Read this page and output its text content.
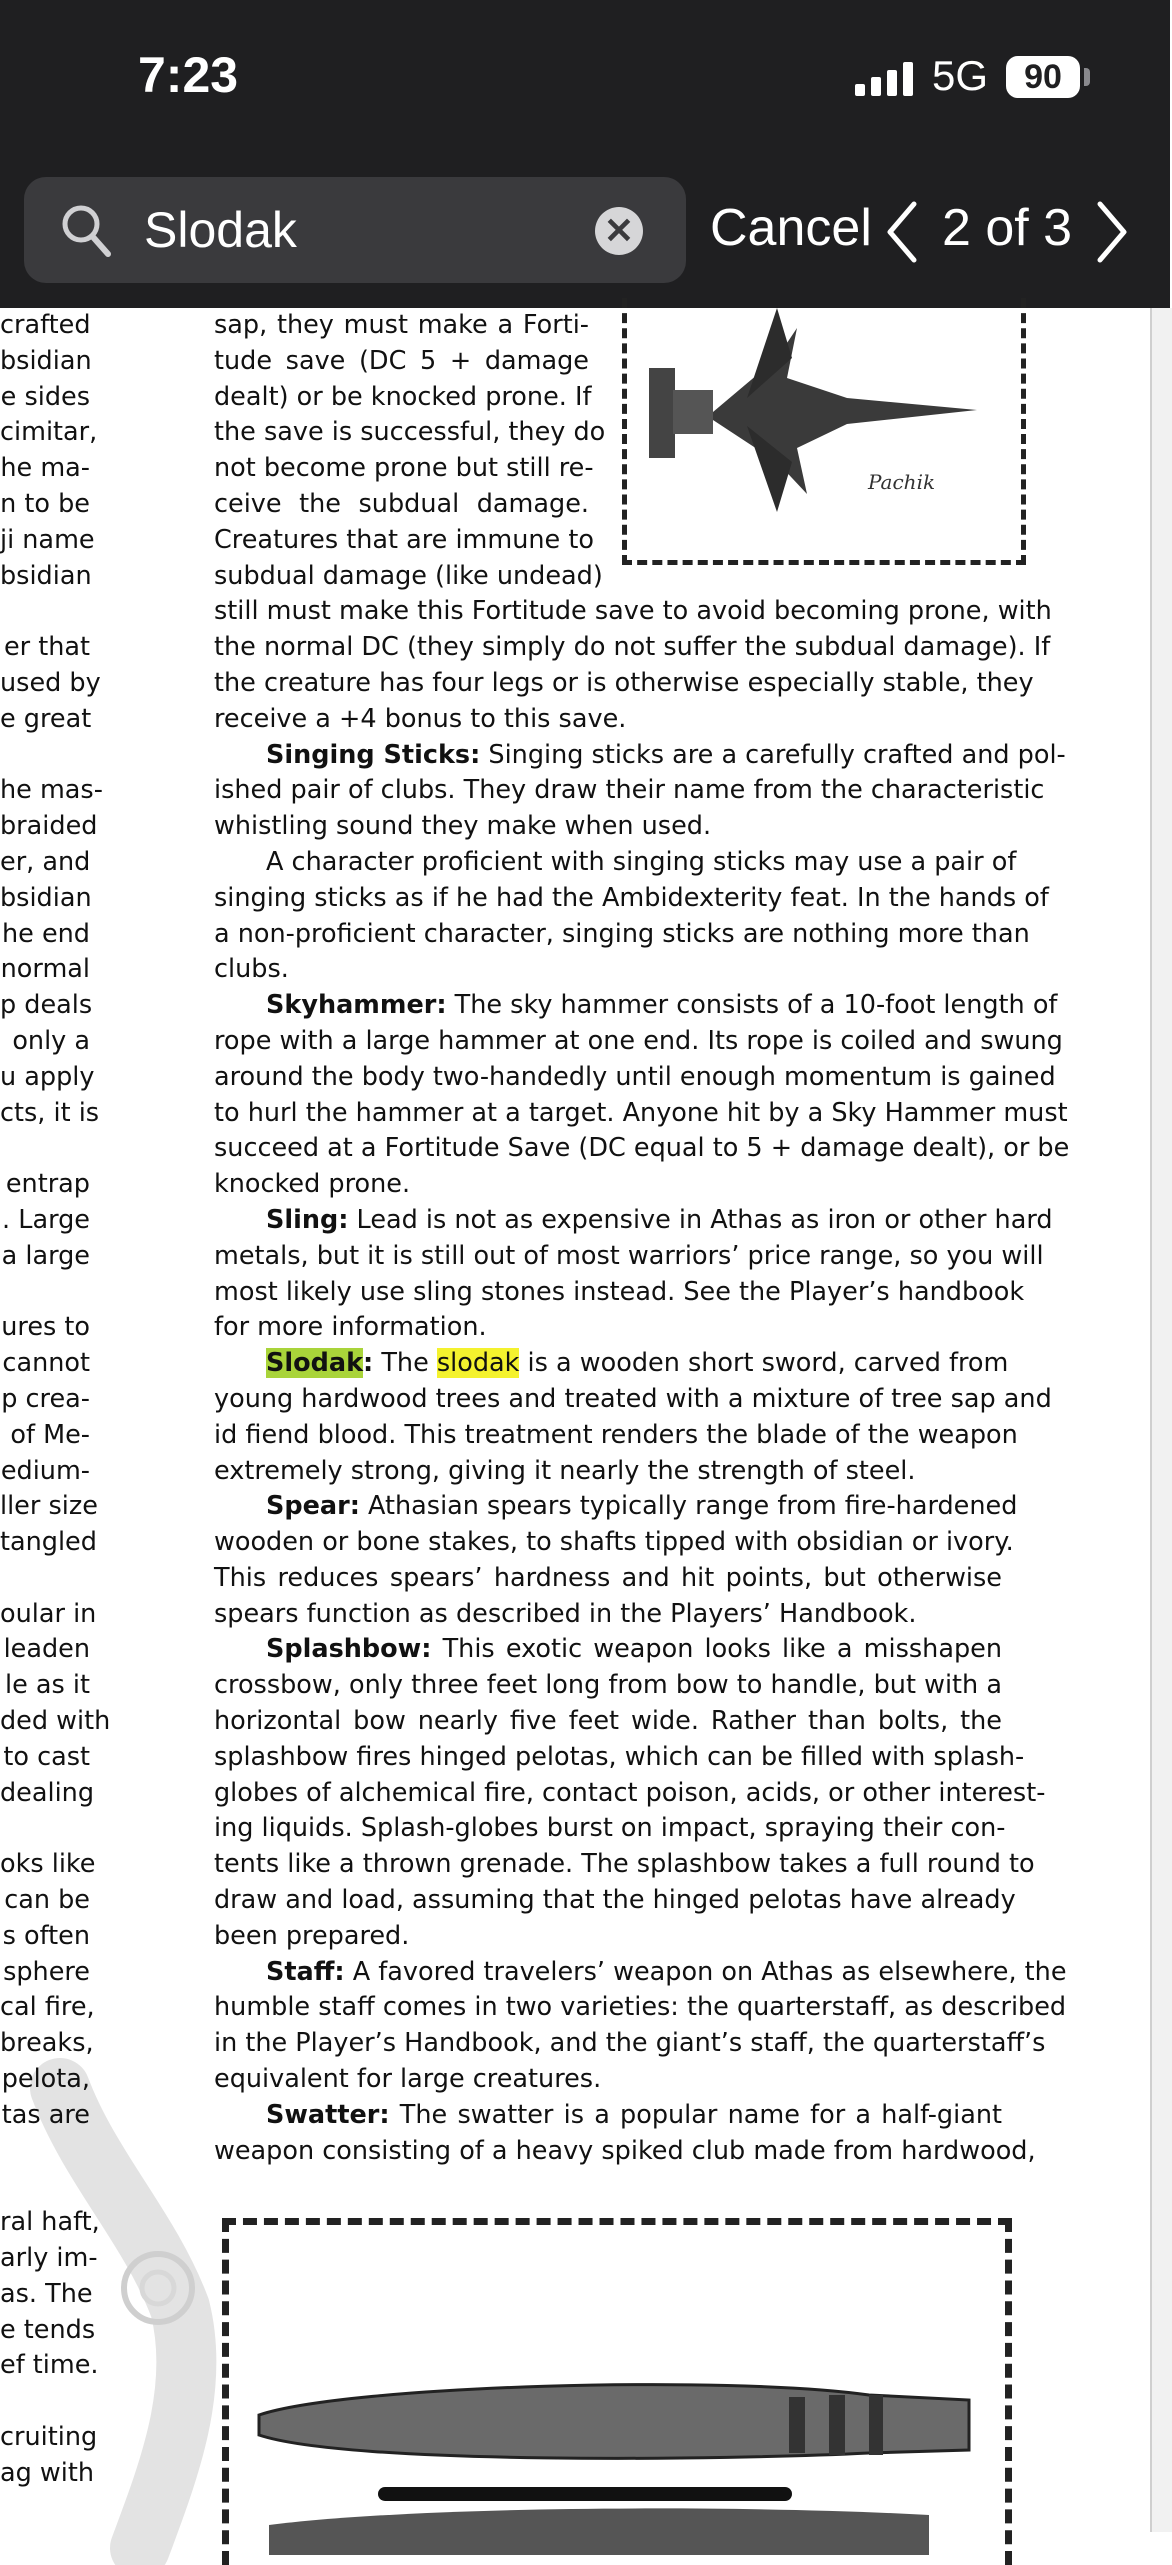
7:23	5G	90
Slodak
✕ Cancel 2 of 3
crafted
bsidian
e sides
cimitar,
he ma-
n to be
ji name
bsidian
er that
used by
e great
he mas-
braided
er, and
bsidian
he end
normal
p deals
only a
u apply
cts, it is
entrap
. Large
a large
ures to
cannot
p crea-
of Me-
edium-
ller size
tangled
oular in
leaden
le as it
ded with
to cast
dealing
oks like
can be
s often
sphere
cal fire,
breaks,
pelota,
tas are
ral haft,
arly im-
as. The
e tends
ef time.
cruiting
ag with
Pachik
sap, they must make a Forti-
tude save (DC 5 + damage
dealt) or be knocked prone. If
the save is successful, they do
not become prone but still re-
ceive the subdual damage.
Creatures that are immune to
subdual damage (like undead)
still must make this Fortitude save to avoid becoming prone, with
the normal DC (they simply do not suffer the subdual damage). If
the creature has four legs or is otherwise especially stable, they
receive a +4 bonus to this save.
Singing Sticks: Singing sticks are a carefully crafted and pol-
ished pair of clubs. They draw their name from the characteristic
whistling sound they make when used.
A character proficient with singing sticks may use a pair of
singing sticks as if he had the Ambidexterity feat. In the hands of
a non-proficient character, singing sticks are nothing more than
clubs.
Skyhammer: The sky hammer consists of a 10-foot length of
rope with a large hammer at one end. Its rope is coiled and swung
around the body two-handedly until enough momentum is gained
to hurl the hammer at a target. Anyone hit by a Sky Hammer must
succeed at a Fortitude Save (DC equal to 5 + damage dealt), or be
knocked prone.
Sling: Lead is not as expensive in Athas as iron or other hard
metals, but it is still out of most warriors’ price range, so you will
most likely use sling stones instead. See the Player’s handbook
for more information.
Slodak: The slodak is a wooden short sword, carved from
young hardwood trees and treated with a mixture of tree sap and
id fiend blood. This treatment renders the blade of the weapon
extremely strong, giving it nearly the strength of steel.
Spear: Athasian spears typically range from fire-hardened
wooden or bone stakes, to shafts tipped with obsidian or ivory.
This reduces spears’ hardness and hit points, but otherwise
spears function as described in the Players’ Handbook.
Splashbow: This exotic weapon looks like a misshapen
crossbow, only three feet long from bow to handle, but with a
horizontal bow nearly five feet wide. Rather than bolts, the
splashbow fires hinged pelotas, which can be filled with splash-
globes of alchemical fire, contact poison, acids, or other interest-
ing liquids. Splash-globes burst on impact, spraying their con-
tents like a thrown grenade. The splashbow takes a full round to
draw and load, assuming that the hinged pelotas have already
been prepared.
Staff: A favored travelers’ weapon on Athas as elsewhere, the
humble staff comes in two varieties: the quarterstaff, as described
in the Player’s Handbook, and the giant’s staff, the quarterstaff’s
equivalent for large creatures.
Swatter: The swatter is a popular name for a half-giant
weapon consisting of a heavy spiked club made from hardwood,
